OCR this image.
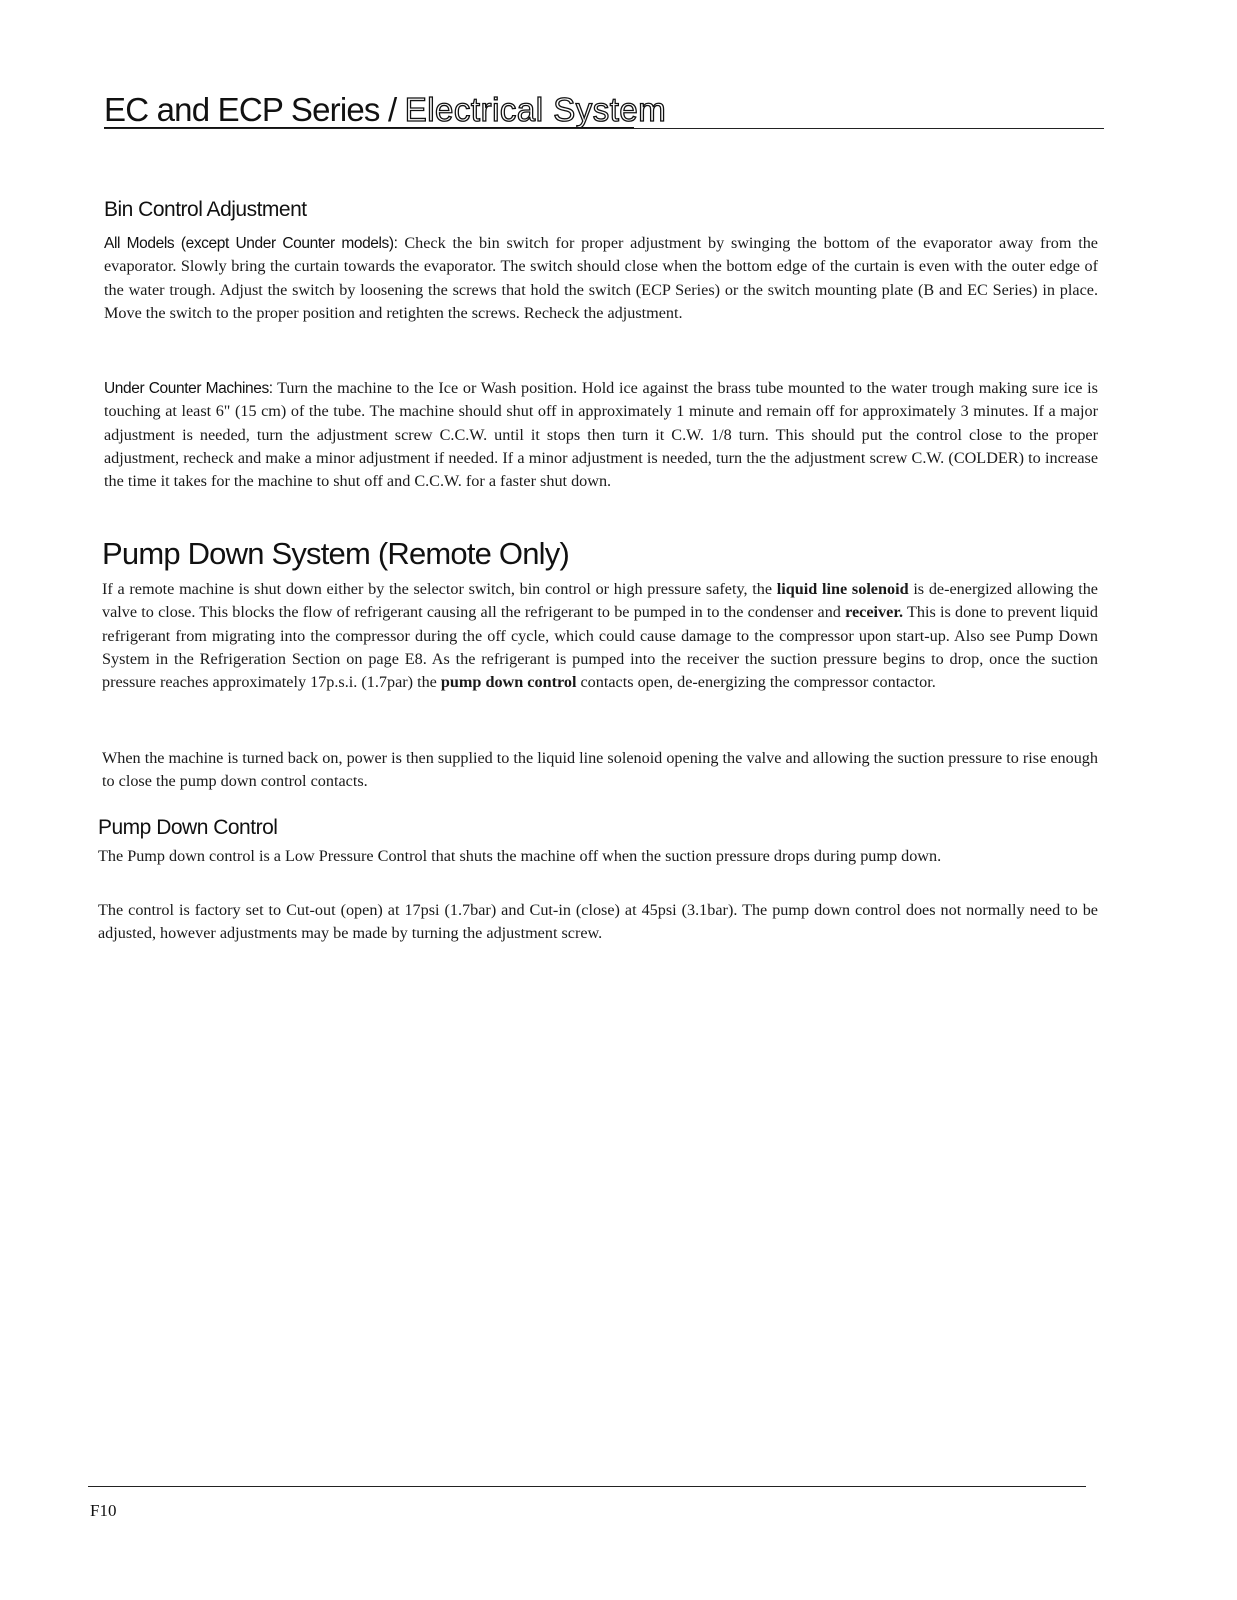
EC and ECP Series / Electrical System
Bin Control Adjustment

All Models (except Under Counter models): Check the bin switch for proper adjustment by swinging the bottom of the evaporator away from the evaporator. Slowly bring the curtain towards the evaporator. The switch should close when the bottom edge of the curtain is even with the outer edge of the water trough. Adjust the switch by loosening the screws that hold the switch (ECP Series) or the switch mounting plate (B and EC Series) in place. Move the switch to the proper position and retighten the screws. Recheck the adjustment.

Under Counter Machines: Turn the machine to the Ice or Wash position. Hold ice against the brass tube mounted to the water trough making sure ice is touching at least 6" (15 cm) of the tube. The machine should shut off in approximately 1 minute and remain off for approximately 3 minutes. If a major adjustment is needed, turn the adjustment screw C.C.W. until it stops then turn it C.W. 1/8 turn. This should put the control close to the proper adjustment, recheck and make a minor adjustment if needed. If a minor adjustment is needed, turn the the adjustment screw C.W. (COLDER) to increase the time it takes for the machine to shut off and C.C.W. for a faster shut down.

Pump Down System (Remote Only)

If a remote machine is shut down either by the selector switch, bin control or high pressure safety, the liquid line solenoid is de-energized allowing the valve to close. This blocks the flow of refrigerant causing all the refrigerant to be pumped in to the condenser and receiver. This is done to prevent liquid refrigerant from migrating into the compressor during the off cycle, which could cause damage to the compressor upon start-up. Also see Pump Down System in the Refrigeration Section on page E8. As the refrigerant is pumped into the receiver the suction pressure begins to drop, once the suction pressure reaches approximately 17p.s.i. (1.7par) the pump down control contacts open, de-energizing the compressor contactor.

When the machine is turned back on, power is then supplied to the liquid line solenoid opening the valve and allowing the suction pressure to rise enough to close the pump down control contacts.

Pump Down Control

The Pump down control is a Low Pressure Control that shuts the machine off when the suction pressure drops during pump down.

The control is factory set to Cut-out (open) at 17psi (1.7bar) and Cut-in (close) at 45psi (3.1bar). The pump down control does not normally need to be adjusted, however adjustments may be made by turning the adjustment screw.

F10
